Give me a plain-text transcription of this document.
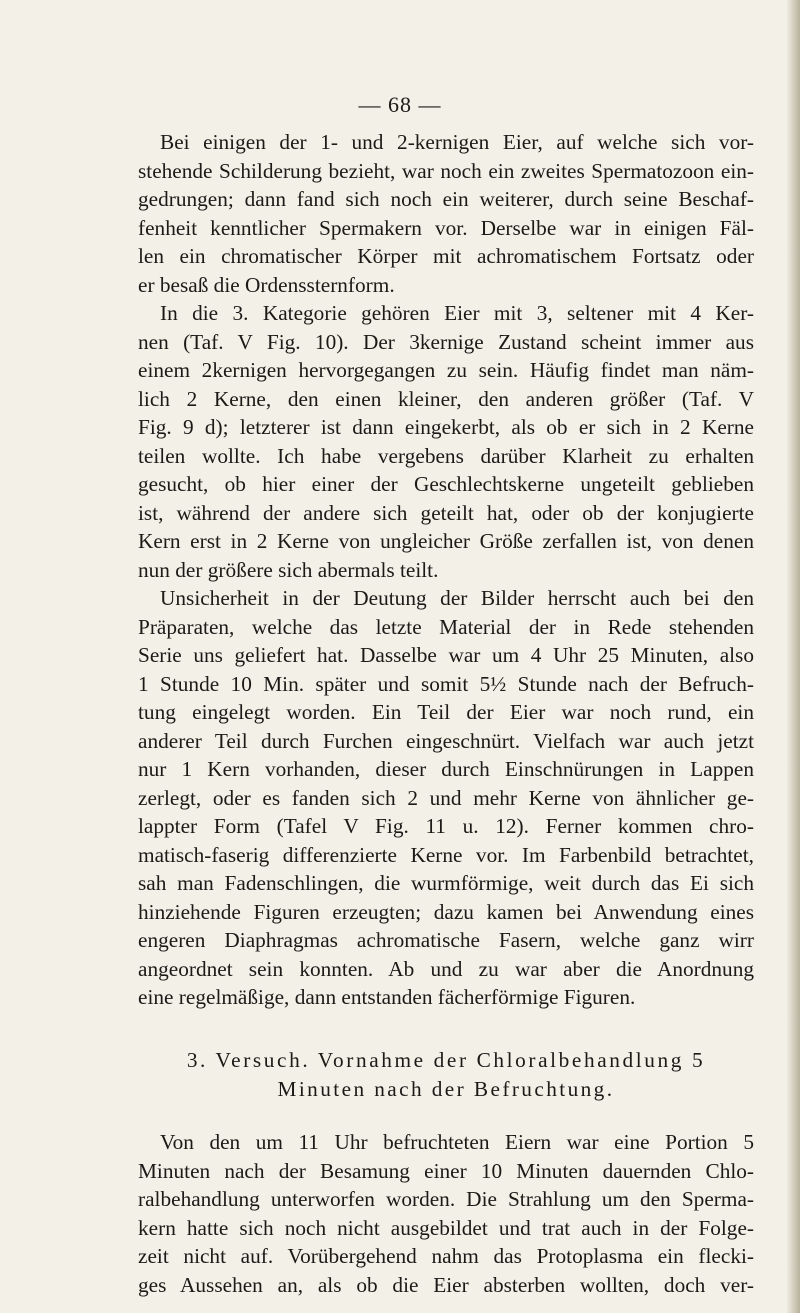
— 68 —
Bei einigen der 1- und 2-kernigen Eier, auf welche sich vor-
stehende Schilderung bezieht, war noch ein zweites Spermatozoon ein-
gedrungen; dann fand sich noch ein weiterer, durch seine Beschaf-
fenheit kenntlicher Spermakern vor. Derselbe war in einigen Fäl-
len ein chromatischer Körper mit achromatischem Fortsatz oder
er besaß die Ordenssternform.
In die 3. Kategorie gehören Eier mit 3, seltener mit 4 Ker-
nen (Taf. V Fig. 10). Der 3kernige Zustand scheint immer aus
einem 2kernigen hervorgegangen zu sein. Häufig findet man näm-
lich 2 Kerne, den einen kleiner, den anderen größer (Taf. V
Fig. 9 d); letzterer ist dann eingekerbt, als ob er sich in 2 Kerne
teilen wollte. Ich habe vergebens darüber Klarheit zu erhalten
gesucht, ob hier einer der Geschlechtskerne ungeteilt geblieben
ist, während der andere sich geteilt hat, oder ob der konjugierte
Kern erst in 2 Kerne von ungleicher Größe zerfallen ist, von denen
nun der größere sich abermals teilt.
Unsicherheit in der Deutung der Bilder herrscht auch bei den
Präparaten, welche das letzte Material der in Rede stehenden
Serie uns geliefert hat. Dasselbe war um 4 Uhr 25 Minuten, also
1 Stunde 10 Min. später und somit 5½ Stunde nach der Befruch-
tung eingelegt worden. Ein Teil der Eier war noch rund, ein
anderer Teil durch Furchen eingeschnürt. Vielfach war auch jetzt
nur 1 Kern vorhanden, dieser durch Einschnürungen in Lappen
zerlegt, oder es fanden sich 2 und mehr Kerne von ähnlicher ge-
lappter Form (Tafel V Fig. 11 u. 12). Ferner kommen chro-
matisch-faserig differenzierte Kerne vor. Im Farbenbild betrachtet,
sah man Fadenschlingen, die wurmförmige, weit durch das Ei sich
hinziehende Figuren erzeugten; dazu kamen bei Anwendung eines
engeren Diaphragmas achromatische Fasern, welche ganz wirr
angeordnet sein konnten. Ab und zu war aber die Anordnung
eine regelmäßige, dann entstanden fächerförmige Figuren.
3. Versuch. Vornahme der Chloralbehandlung 5
Minuten nach der Befruchtung.
Von den um 11 Uhr befruchteten Eiern war eine Portion 5
Minuten nach der Besamung einer 10 Minuten dauernden Chlo-
ralbehandlung unterworfen worden. Die Strahlung um den Sperma-
kern hatte sich noch nicht ausgebildet und trat auch in der Folge-
zeit nicht auf. Vorübergehend nahm das Protoplasma ein flecki-
ges Aussehen an, als ob die Eier absterben wollten, doch ver-
